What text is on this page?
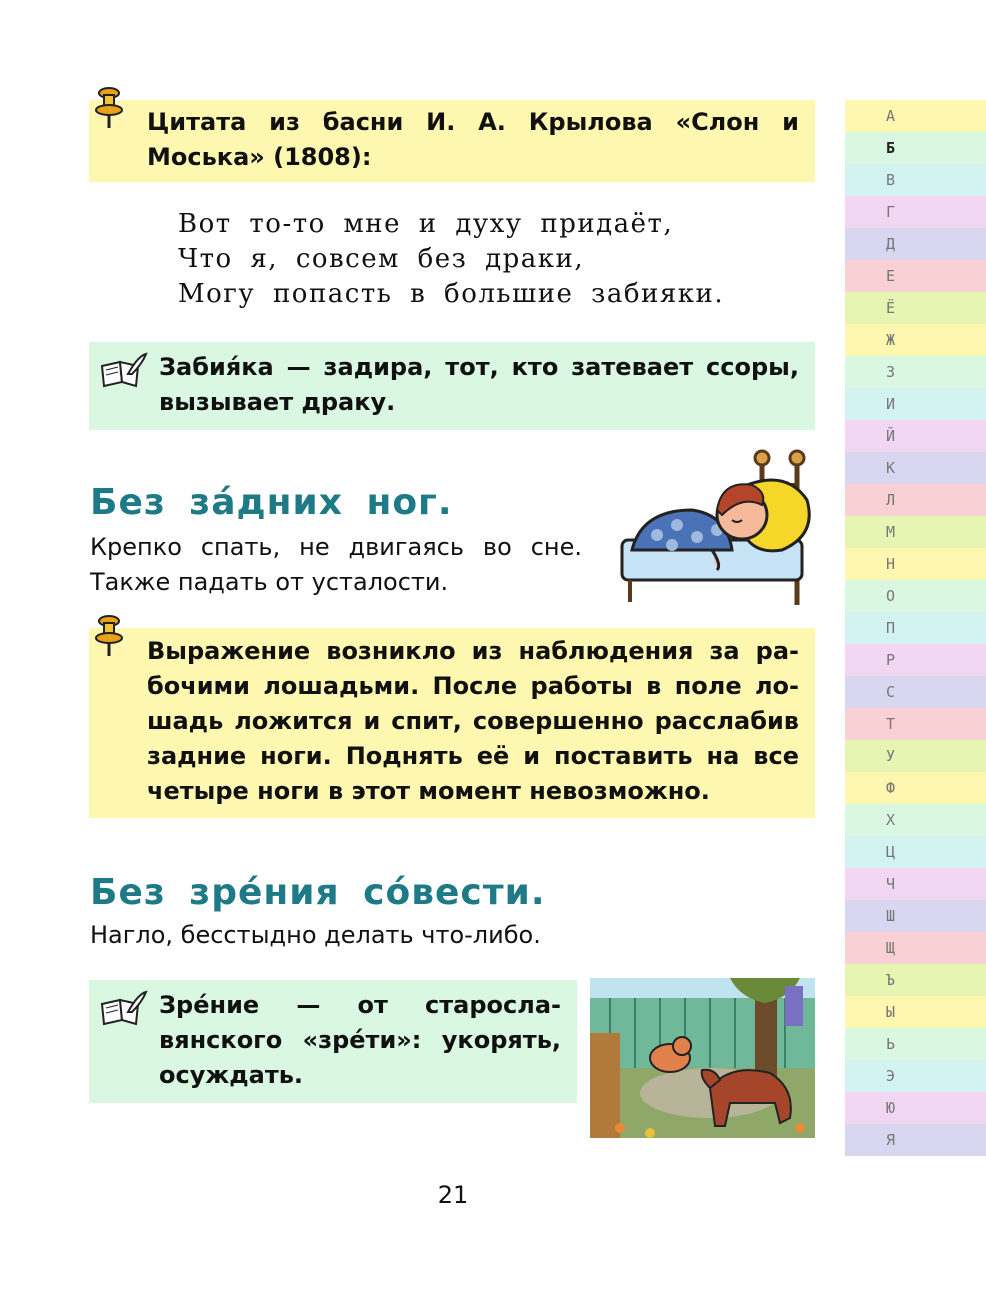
Цитата из басни И. А. Крылова «Слон и Моська» (1808):

Вот то-то мне и духу придаёт,
Что я, совсем без драки,
Могу попасть в большие забияки.

Забия́ка — задира, тот, кто затевает ссоры, вызывает драку.

Без за́дних ног.

Крепко спать, не двигаясь во сне. Также падать от усталости.

Выражение возникло из наблюдения за ра-бочими лошадьми. После работы в поле ло-шадь ложится и спит, совершенно расслабив задние ноги. Поднять её и поставить на все четыре ноги в этот момент невозможно.

Без зре́ния со́вести.

Нагло, бесстыдно делать что-либо.

Зре́ние — от старосла-вянского «зре́ти»: укорять, осуждать.

А
Б
В
Г
Д
Е
Ё
Ж
З
И
Й
К
Л
М
Н
О
П
Р
С
Т
У
Ф
Х
Ц
Ч
Ш
Щ
Ъ
Ы
Ь
Э
Ю
Я
21
